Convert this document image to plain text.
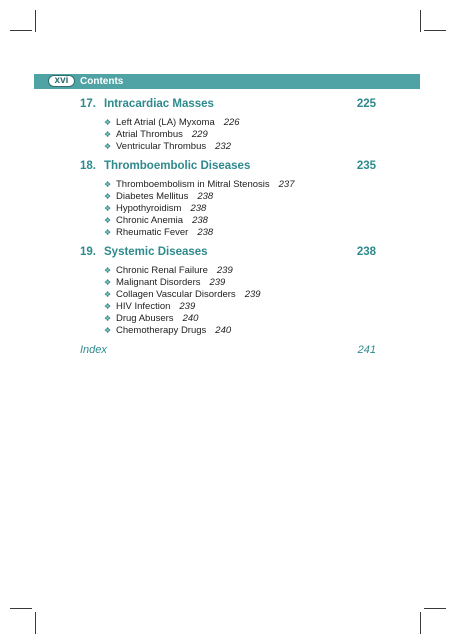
xvi	Contents
17. Intracardiac Masses	225
❖ Left Atrial (LA) Myxoma 226
❖ Atrial Thrombus 229
❖ Ventricular Thrombus 232
18. Thromboembolic Diseases	235
❖ Thromboembolism in Mitral Stenosis 237
❖ Diabetes Mellitus 238
❖ Hypothyroidism 238
❖ Chronic Anemia 238
❖ Rheumatic Fever 238
19. Systemic Diseases	238
❖ Chronic Renal Failure 239
❖ Malignant Disorders 239
❖ Collagen Vascular Disorders 239
❖ HIV Infection 239
❖ Drug Abusers 240
❖ Chemotherapy Drugs 240
Index	241
